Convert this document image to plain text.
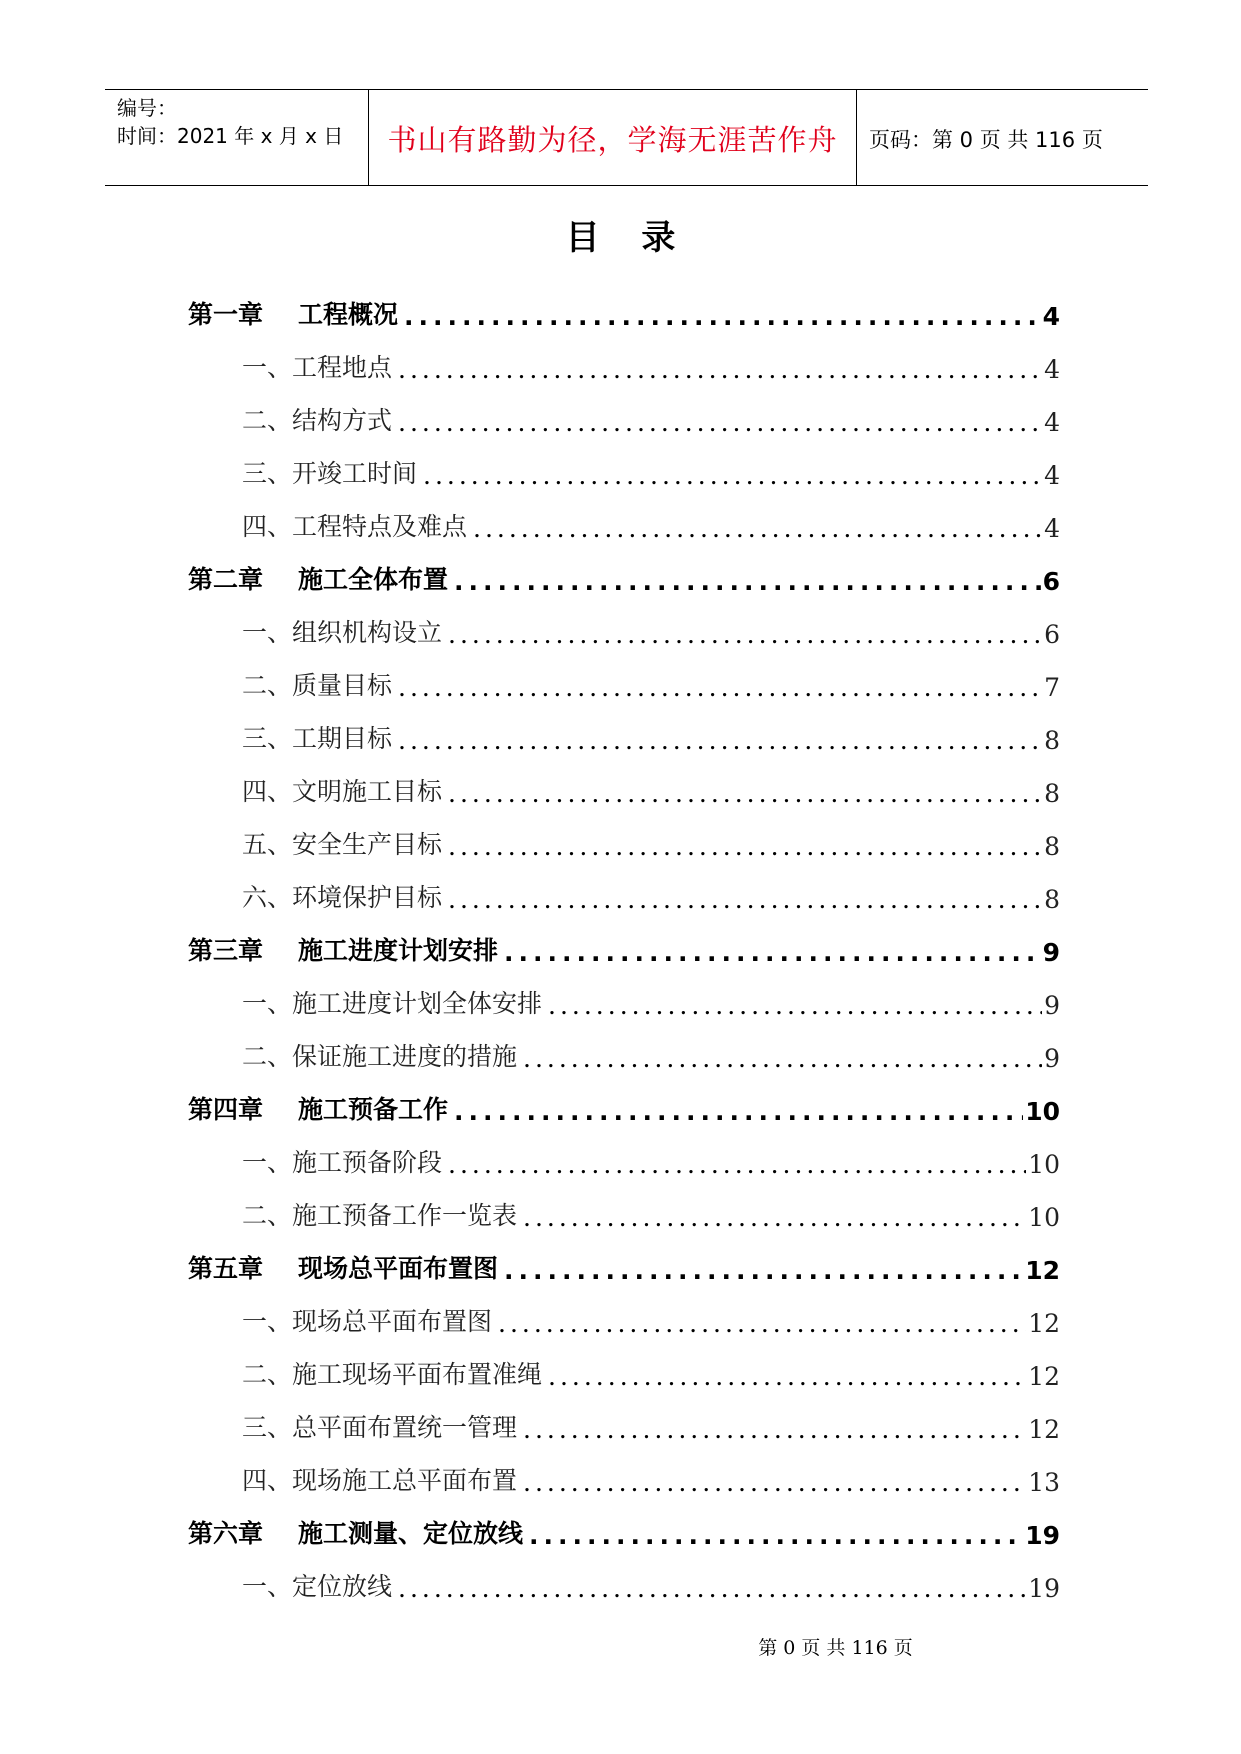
编号：
时间：2021 年 x 月 x 日	书山有路勤为径，学海无涯苦作舟	页码：第 0 页 共 116 页
目 录
第一章 工程概况 .....	4
一、工程地点 .....	4
二、结构方式 .....	4
三、开竣工时间 .....	4
四、工程特点及难点 .....	4
第二章 施工全体布置 .....	6
一、组织机构设立 .....	6
二、质量目标 .....	7
三、工期目标 .....	8
四、文明施工目标 .....	8
五、安全生产目标 .....	8
六、环境保护目标 .....	8
第三章 施工进度计划安排 .....	9
一、施工进度计划全体安排 .....	9
二、保证施工进度的措施 .....	9
第四章 施工预备工作 .....	10
一、施工预备阶段 .....	10
二、施工预备工作一览表 .....	10
第五章 现场总平面布置图 .....	12
一、现场总平面布置图 .....	12
二、施工现场平面布置准绳 .....	12
三、总平面布置统一管理 .....	12
四、现场施工总平面布置 .....	13
第六章 施工测量、定位放线 .....	19
一、定位放线 .....	19
第 0 页 共 116 页
